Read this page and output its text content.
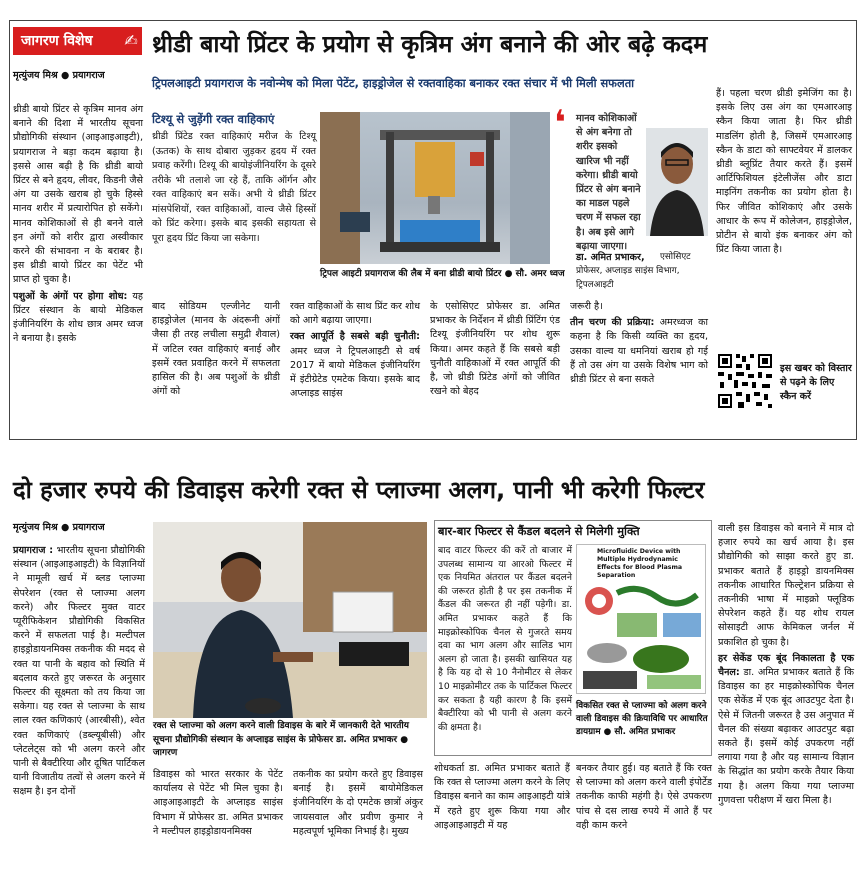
जागरण विशेष	✍ थ्रीडी बायो प्रिंटर के प्रयोग से कृत्रिम अंग बनाने की ओर बढ़े कदम
मृत्युंजय मिश्र ● प्रयागराज
ट्रिपलआइटी प्रयागराज के नवोन्मेष को मिला पेटेंट, हाइड्रोजेल से रक्तवाहिका बनाकर रक्त संचार में भी मिली सफलता

थ्रीडी बायो प्रिंटर से कृत्रिम मानव अंग बनाने की दिशा में भारतीय सूचना प्रौद्योगिकी संस्थान (आइआइआइटी), प्रयागराज ने बड़ा कदम बढ़ाया है। इससे आस बढ़ी है कि थ्रीडी बायो प्रिंटर से बने हृदय, लीवर, किडनी जैसे अंग या उसके खराब हो चुके हिस्से मानव शरीर में प्रत्यारोपित हो सकेंगे। मानव कोशिकाओं से ही बनने वाले इन अंगों को शरीर द्वारा अस्वीकार करने की संभावना न के बराबर है। इस थ्रीडी बायो प्रिंटर का पेटेंट भी प्राप्त हो चुका है।

पशुओं के अंगों पर होगा शोध: यह प्रिंटर संस्थान के बायो मेडिकल इंजीनियरिंग के शोध छात्र अमर ध्वज ने बनाया है। इसके

टिश्यू से जुड़ेंगी रक्त वाहिकाएं
थ्रीडी प्रिंटेड रक्त वाहिकाएं मरीज के टिश्यू (ऊतक) के साथ दोबारा जुड़कर हृदय में रक्त प्रवाह करेंगी। टिश्यू की बायोइंजीनियरिंग के दूसरे तरीके भी तलाशे जा रहे हैं, ताकि ऑर्गन और रक्त वाहिकाएं बन सकें। अभी ये थ्रीडी प्रिंटर मांसपेशियों, रक्त वाहिकाओं, वाल्व जैसे हिस्सों को प्रिंट करेगा। इसके बाद इसकी सहायता से पूरा हृदय प्रिंट किया जा सकेगा।
ट्रिपल आइटी प्रयागराज की लैब में बना थ्रीडी बायो प्रिंटर ● सौ. अमर ध्वज
❛	मानव कोशिकाओं से अंग बनेगा तो शरीर इसको खारिज भी नहीं करेगा। थ्रीडी बायो प्रिंटर से अंग बनाने का माडल पहले चरण में सफल रहा है। अब इसे आगे बढ़ाया जाएगा।
डा. अमित प्रभाकर,	एसोसिएट प्रोफेसर, अप्लाइड साइंस विभाग, ट्रिपलआइटी
बाद सोडियम एल्जीनेट यानी हाइड्रोजेल (मानव के अंदरूनी अंगों जैसा ही तरह लचीला समुद्री शैवाल) में जटिल रक्त वाहिकाएं बनाई और इसमें रक्त प्रवाहित करने में सफलता हासिल की है। अब पशुओं के थ्रीडी अंगों को

रक्त वाहिकाओं के साथ प्रिंट कर शोध को आगे बढ़ाया जाएगा।

रक्त आपूर्ति है सबसे बड़ी चुनौती: अमर ध्वज ने ट्रिपलआइटी से वर्ष 2017 में बायो मेडिकल इंजीनियरिंग में इंटीग्रेटेड एमटेक किया। इसके बाद अप्लाइड साइंस

के एसोसिएट प्रोफेसर डा. अमित प्रभाकर के निर्देशन में थ्रीडी प्रिंटिंग एंड टिश्यू इंजीनियरिंग पर शोध शुरू किया। अमर कहते हैं कि सबसे बड़ी चुनौती वाहिकाओं में रक्त आपूर्ति की है, जो थ्रीडी प्रिंटेड अंगों को जीवित रखने को बेहद

जरूरी है।

तीन चरण की प्रक्रिया: अमरध्वज का कहना है कि किसी व्यक्ति का हृदय, उसका वाल्व या धमनियां खराब हो गई हैं तो उस अंग या उसके विशेष भाग को थ्रीडी प्रिंटर से बना सकते

हैं। पहला चरण थ्रीडी इमेजिंग का है। इसके लिए उस अंग का एमआरआइ स्कैन किया जाता है। फिर थ्रीडी माडलिंग होती है, जिसमें एमआरआइ स्कैन के डाटा को साफ्टवेयर में डालकर थ्रीडी ब्लूप्रिंट तैयार करते हैं। इसमें आर्टिफिशियल इंटेलीजेंस और डाटा माइनिंग तकनीक का प्रयोग होता है। फिर जीवित कोशिकाएं और उसके आधार के रूप में कोलेजन, हाइड्रोजेल, प्रोटीन से बायो इंक बनाकर अंग को प्रिंट किया जाता है।
इस खबर को विस्तार से पढ़ने के लिए स्कैन करें
दो हजार रुपये की डिवाइस करेगी रक्त से प्लाज्मा अलग, पानी भी करेगी फिल्टर
मृत्युंजय मिश्र ● प्रयागराज
प्रयागराज : भारतीय सूचना प्रौद्योगिकी संस्थान (आइआइआइटी) के विज्ञानियों ने मामूली खर्च में ब्लड प्लाज्मा सेपरेशन (रक्त से प्लाज्मा अलग करने) और फिल्टर मुक्त वाटर प्यूरीफिकेशन प्रौद्योगिकी विकसित करने में सफलता पाई है। मल्टीपल हाइड्रोडायनमिक्स तकनीक की मदद से रक्त या पानी के बहाव को स्थिति में बदलाव करते हुए जरूरत के अनुसार फिल्टर की सूक्ष्मता को तय किया जा सकेगा। यह रक्त से प्लाज्मा के साथ लाल रक्त कणिकाएं (आरबीसी), श्वेत रक्त कणिकाएं (डब्ल्यूबीसी) और प्लेटलेट्स को भी अलग करने और पानी से बैक्टीरिया और दूषित पार्टिकल यानी विजातीय तत्वों से अलग करने में सक्षम है। इन दोनों
रक्त से प्लाज्मा को अलग करने वाली डिवाइस के बारे में जानकारी देते भारतीय सूचना प्रौद्योगिकी संस्थान के अप्लाइड साइंस के प्रोफेसर डा. अमित प्रभाकर ● जागरण
डिवाइस को भारत सरकार के पेटेंट कार्यालय से पेटेंट भी मिल चुका है। आइआइआइटी के अप्लाइड साइंस विभाग में प्रोफेसर डा. अमित प्रभाकर ने मल्टीपल हाइड्रोडायनमिक्स
तकनीक का प्रयोग करते हुए डिवाइस बनाई है। इसमें बायोमेडिकल इंजीनियरिंग के दो एमटेक छात्रों अंकुर जायसवाल और प्रवीण कुमार ने महत्वपूर्ण भूमिका निभाई है। मुख्य
बार-बार फिल्टर से कैंडल बदलने से मिलेगी मुक्ति
बाद वाटर फिल्टर की करें तो बाजार में उपलब्ध सामान्य या आरओ फिल्टर में एक नियमित अंतराल पर कैंडल बदलने की जरूरत होती है पर इस तकनीक में कैंडल की जरूरत ही नहीं पड़ेगी। डा. अमित प्रभाकर कहते हैं कि माइक्रोस्कोपिक चैनल से गुजरते समय दवा का भाग अलग और सालिड भाग अलग हो जाता है। इसकी खासियत यह है कि यह दो से 10 नैनोमीटर से लेकर 10 माइक्रोमीटर तक के पार्टिकल फिल्टर कर सकता है यही कारण है कि इसमें बैक्टीरिया को भी पानी से अलग करने की क्षमता है।
Microfluidic Device with Multiple Hydrodynamic Effects for Blood Plasma Separation
विकसित रक्त से प्लाज्मा को अलग करने वाली डिवाइस की क्रियाविधि पर आधारित डायग्राम ● सौ. अमित प्रभाकर
शोधकर्ता डा. अमित प्रभाकर बताते हैं कि रक्त से प्लाज्मा अलग करने के लिए डिवाइस बनाने का काम आइआइटी यांत्रे में रहते हुए शुरू किया गया और आइआइआइटी में यह
बनकर तैयार हुई। वह बताते हैं कि रक्त से प्लाज्मा को अलग करने वाली इंपोर्टेड तकनीक काफी महंगी है। ऐसे उपकरण पांच से दस लाख रुपये में आते हैं पर वही काम करने

वाली इस डिवाइस को बनाने में मात्र दो हजार रुपये का खर्च आया है। इस प्रौद्योगिकी को साझा करते हुए डा. प्रभाकर बताते हैं हाइड्रो डायनमिक्स तकनीक आधारित फिल्ट्रेशन प्रक्रिया से तकनीकी भाषा में माइक्रो फ्लूडिक सेपरेशन कहते हैं। यह शोध रायल सोसाइटी आफ केमिकल जर्नल में प्रकाशित हो चुका है।

हर सेकेंड एक बूंद निकालता है एक चैनल: डा. अमित प्रभाकर बताते हैं कि डिवाइस का हर माइक्रोस्कोपिक चैनल एक सेकेंड में एक बूंद आउटपुट देता है। ऐसे में जितनी जरूरत है उस अनुपात में चैनल की संख्या बढ़ाकर आउटपुट बढ़ा सकते हैं। इसमें कोई उपकरण नहीं लगाया गया है और यह सामान्य विज्ञान के सिद्धांत का प्रयोग करके तैयार किया गया है। अलग किया गया प्लाज्मा गुणवत्ता परीक्षण में खरा मिला है।
